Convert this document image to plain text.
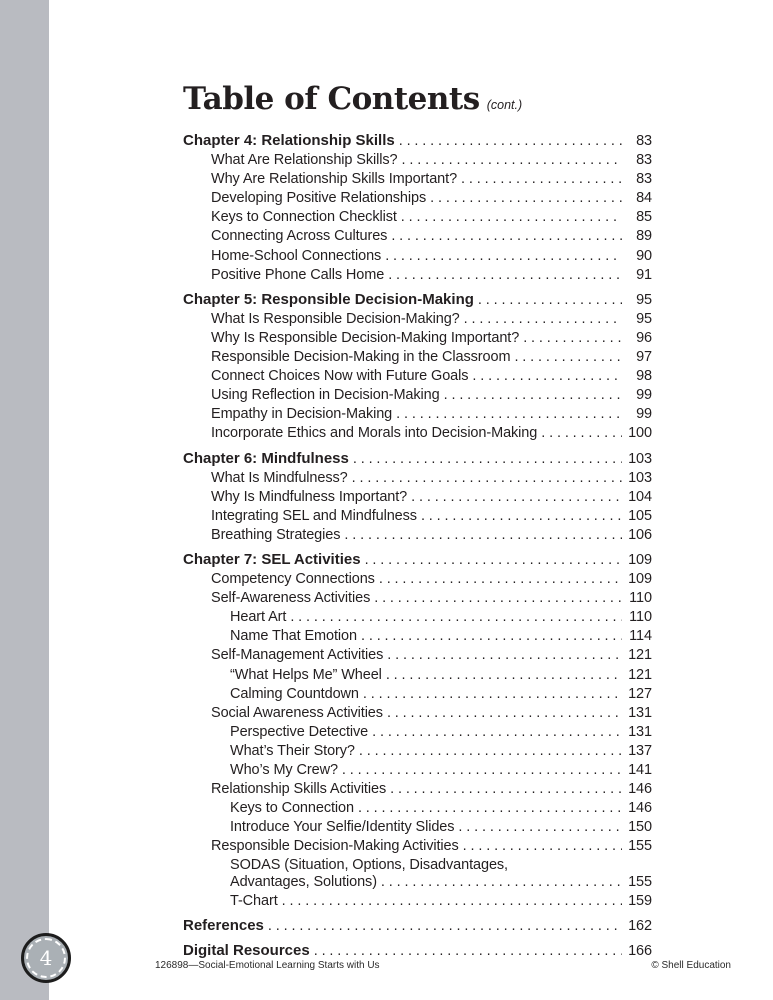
4
Table of Contents (cont.)
Chapter 4: Relationship Skills . . .	83
What Are Relationship Skills? . . .	83
Why Are Relationship Skills Important? . . .	83
Developing Positive Relationships . . .	84
Keys to Connection Checklist . . .	85
Connecting Across Cultures . . .	89
Home-School Connections . . .	90
Positive Phone Calls Home . . .	91
Chapter 5: Responsible Decision-Making . . .	95
What Is Responsible Decision-Making? . . .	95
Why Is Responsible Decision-Making Important? . . .	96
Responsible Decision-Making in the Classroom . . .	97
Connect Choices Now with Future Goals . . .	98
Using Reflection in Decision-Making . . .	99
Empathy in Decision-Making . . .	99
Incorporate Ethics and Morals into Decision-Making . . .	100
Chapter 6: Mindfulness . . .	103
What Is Mindfulness? . . .	103
Why Is Mindfulness Important? . . .	104
Integrating SEL and Mindfulness . . .	105
Breathing Strategies . . .	106
Chapter 7: SEL Activities . . .	109
Competency Connections . . .	109
Self-Awareness Activities . . .	110
Heart Art . . .	110
Name That Emotion . . .	114
Self-Management Activities . . .	121
“What Helps Me” Wheel . . .	121
Calming Countdown . . .	127
Social Awareness Activities . . .	131
Perspective Detective . . .	131
What’s Their Story? . . .	137
Who’s My Crew? . . .	141
Relationship Skills Activities . . .	146
Keys to Connection . . .	146
Introduce Your Selfie/Identity Slides . . .	150
Responsible Decision-Making Activities . . .	155
SODAS (Situation, Options, Disadvantages,
Advantages, Solutions) . . .	155
T-Chart . . .	159
References . . .	162
Digital Resources . . .	166
126898—Social-Emotional Learning Starts with Us	© Shell Education
